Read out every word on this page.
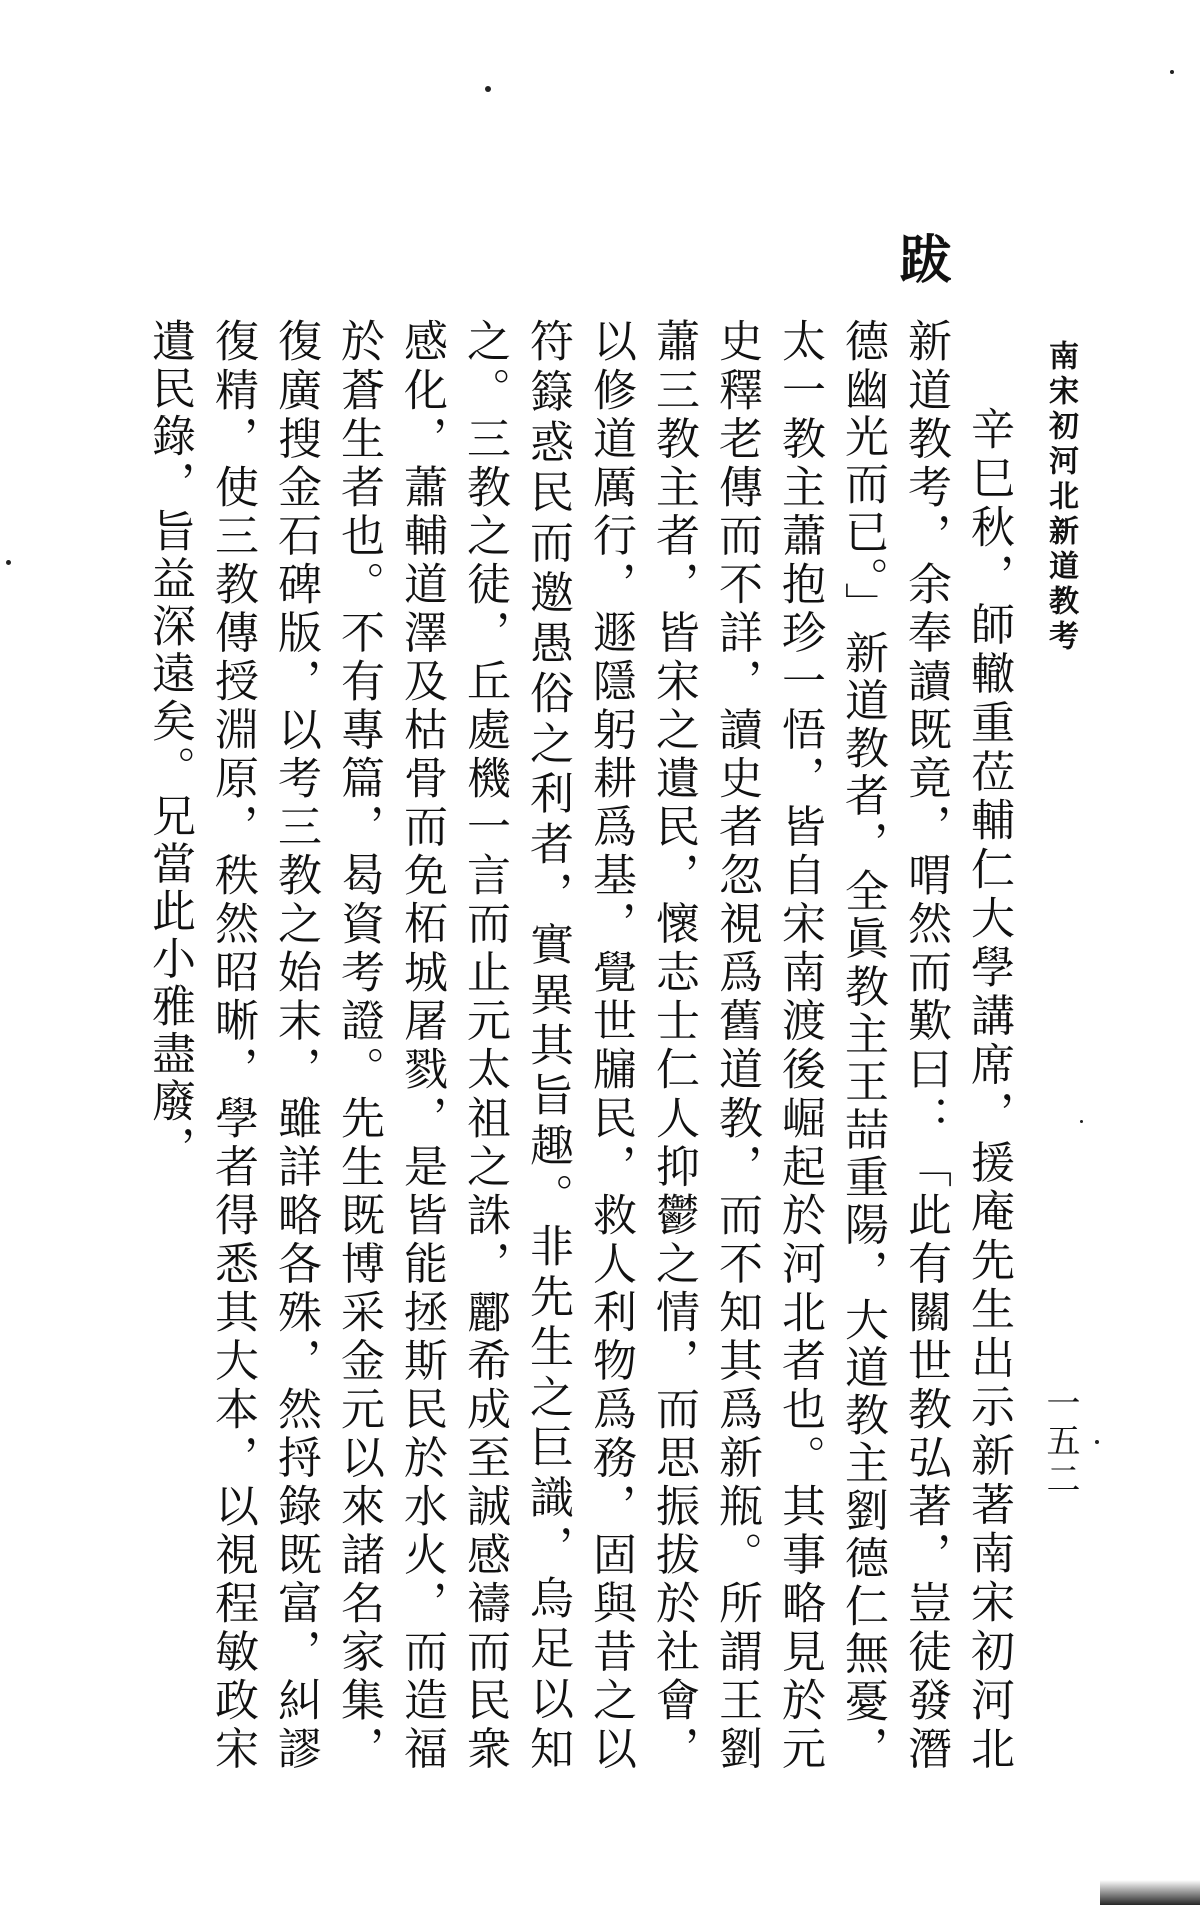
南宋初河北新道教考
一五二
跋

辛巳秋，師轍重莅輔仁大學講席，援庵先生出示新著南宋初河北新道教考，余奉讀既竟，喟然而歎曰：「此有關世教弘著，豈徒發潛德幽光而已。」新道教者，全眞教主王喆重陽，大道教主劉德仁無憂，太一教主蕭抱珍一悟，皆自宋南渡後崛起於河北者也。其事略見於元史釋老傳而不詳，讀史者忽視爲舊道教，而不知其爲新瓶。所謂王劉蕭三教主者，皆宋之遺民，懷志士仁人抑鬱之情，而思振拔於社會，以修道厲行，遯隱躬耕爲基，覺世牖民，救人利物爲務，固與昔之以符籙惑民而邀愚俗之利者，實異其旨趣。非先生之巨識，烏足以知之。三教之徒，丘處機一言而止元太祖之誅，酈希成至誠感禱而民衆感化，蕭輔道澤及枯骨而免柘城屠戮，是皆能拯斯民於水火，而造福於蒼生者也。不有專篇，曷資考證。先生既博采金元以來諸名家集，復廣搜金石碑版，以考三教之始末，雖詳略各殊，然捋錄既富，糾謬復精，使三教傳授淵原，秩然昭晰，學者得悉其大本，以視程敏政宋遺民錄，旨益深遠矣。兄當此小雅盡廢，
